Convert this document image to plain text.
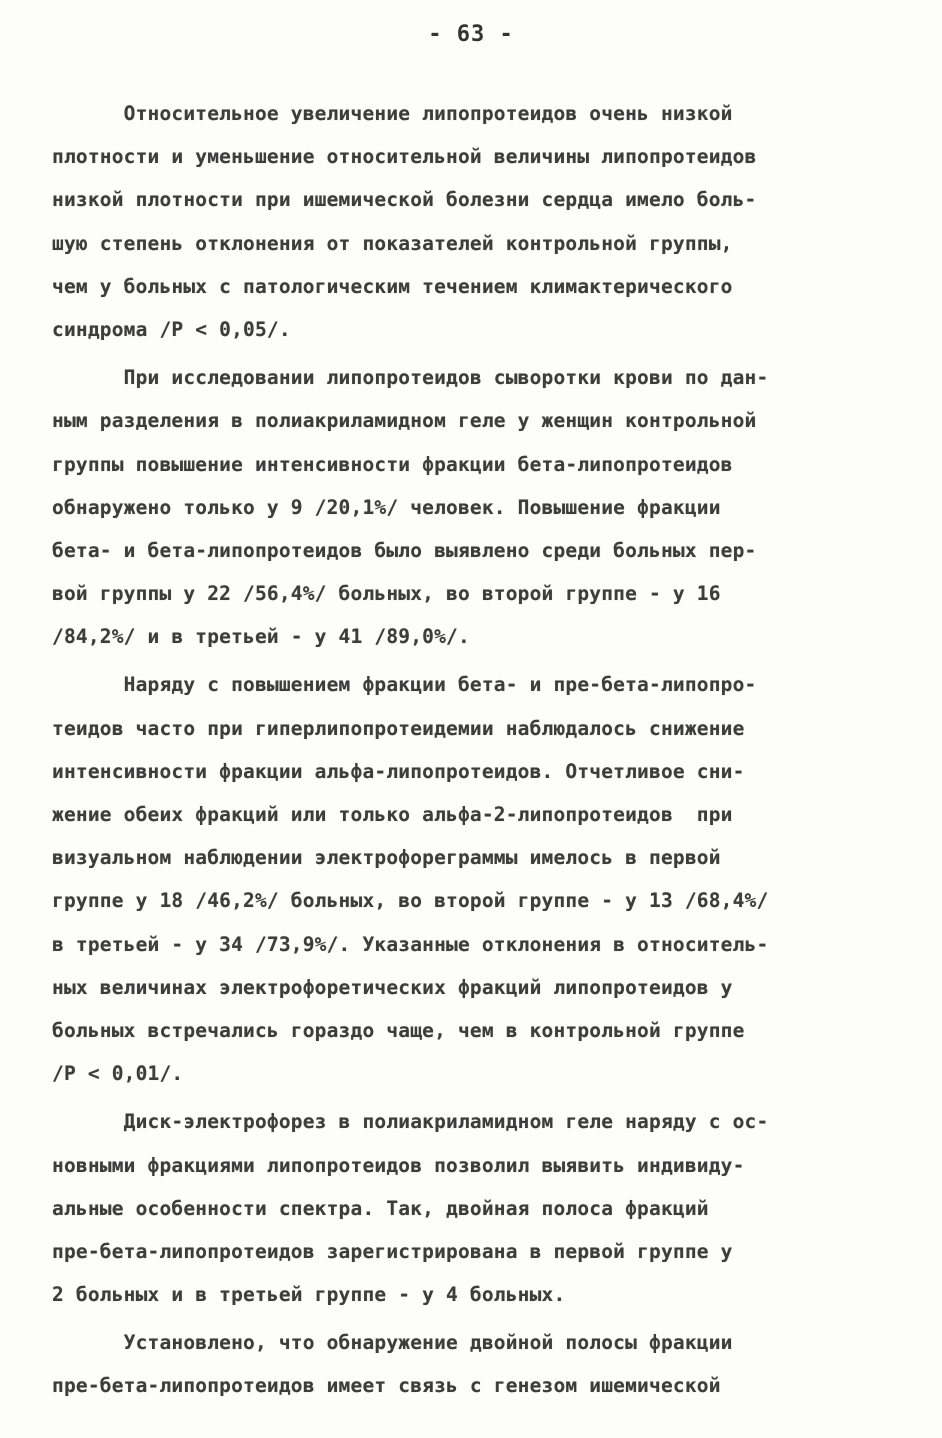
- 63 -
Относительное увеличение липопротеидов очень низкой
плотности и уменьшение относительной величины липопротеидов
низкой плотности при ишемической болезни сердца имело боль-
шую степень отклонения от показателей контрольной группы,
чем у больных с патологическим течением климактерического
синдрома /Р < 0,05/.
При исследовании липопротеидов сыворотки крови по дан-
ным разделения в полиакриламидном геле у женщин контрольной
группы повышение интенсивности фракции бета-липопротеидов
обнаружено только у 9 /20,1%/ человек. Повышение фракции
бета- и бета-липопротеидов было выявлено среди больных пер-
вой группы у 22 /56,4%/ больных, во второй группе - у 16
/84,2%/ и в третьей - у 41 /89,0%/.
Наряду с повышением фракции бета- и пре-бета-липопро-
теидов часто при гиперлипопротеидемии наблюдалось снижение
интенсивности фракции альфа-липопротеидов. Отчетливое сни-
жение обеих фракций или только альфа-2-липопротеидов  при
визуальном наблюдении электрофореграммы имелось в первой
группе у 18 /46,2%/ больных, во второй группе - у 13 /68,4%/
в третьей - у 34 /73,9%/. Указанные отклонения в относитель-
ных величинах электрофоретических фракций липопротеидов у
больных встречались гораздо чаще, чем в контрольной группе
/Р < 0,01/.
Диск-электрофорез в полиакриламидном геле наряду с ос-
новными фракциями липопротеидов позволил выявить индивиду-
альные особенности спектра. Так, двойная полоса фракций
пре-бета-липопротеидов зарегистрирована в первой группе у
2 больных и в третьей группе - у 4 больных.
Установлено, что обнаружение двойной полосы фракции
пре-бета-липопротеидов имеет связь с генезом ишемической
